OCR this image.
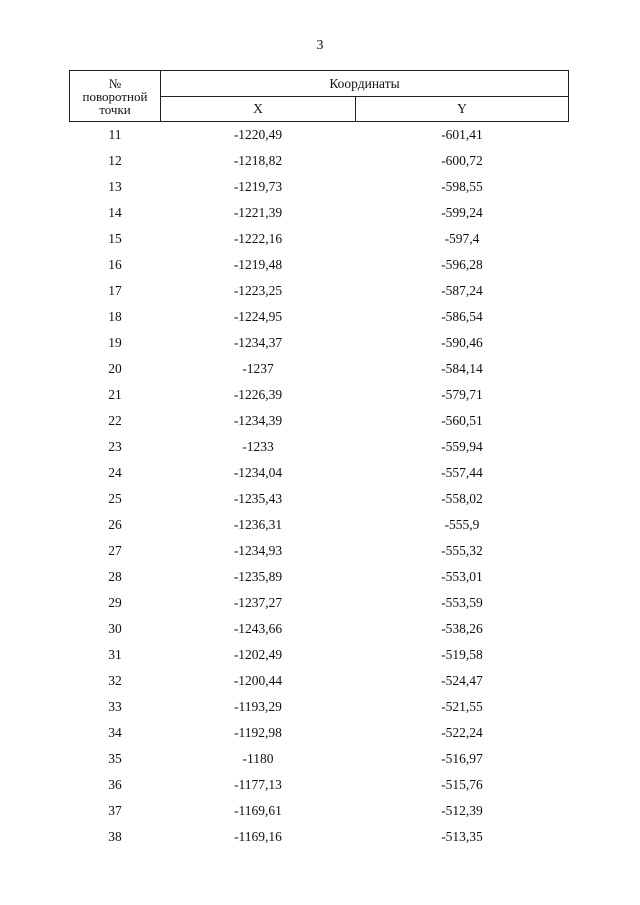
3
№
поворотной
точки	Координаты	
	X	Y
11	-1220,49	-601,41
12	-1218,82	-600,72
13	-1219,73	-598,55
14	-1221,39	-599,24
15	-1222,16	-597,4
16	-1219,48	-596,28
17	-1223,25	-587,24
18	-1224,95	-586,54
19	-1234,37	-590,46
20	-1237	-584,14
21	-1226,39	-579,71
22	-1234,39	-560,51
23	-1233	-559,94
24	-1234,04	-557,44
25	-1235,43	-558,02
26	-1236,31	-555,9
27	-1234,93	-555,32
28	-1235,89	-553,01
29	-1237,27	-553,59
30	-1243,66	-538,26
31	-1202,49	-519,58
32	-1200,44	-524,47
33	-1193,29	-521,55
34	-1192,98	-522,24
35	-1180	-516,97
36	-1177,13	-515,76
37	-1169,61	-512,39
38	-1169,16	-513,35
